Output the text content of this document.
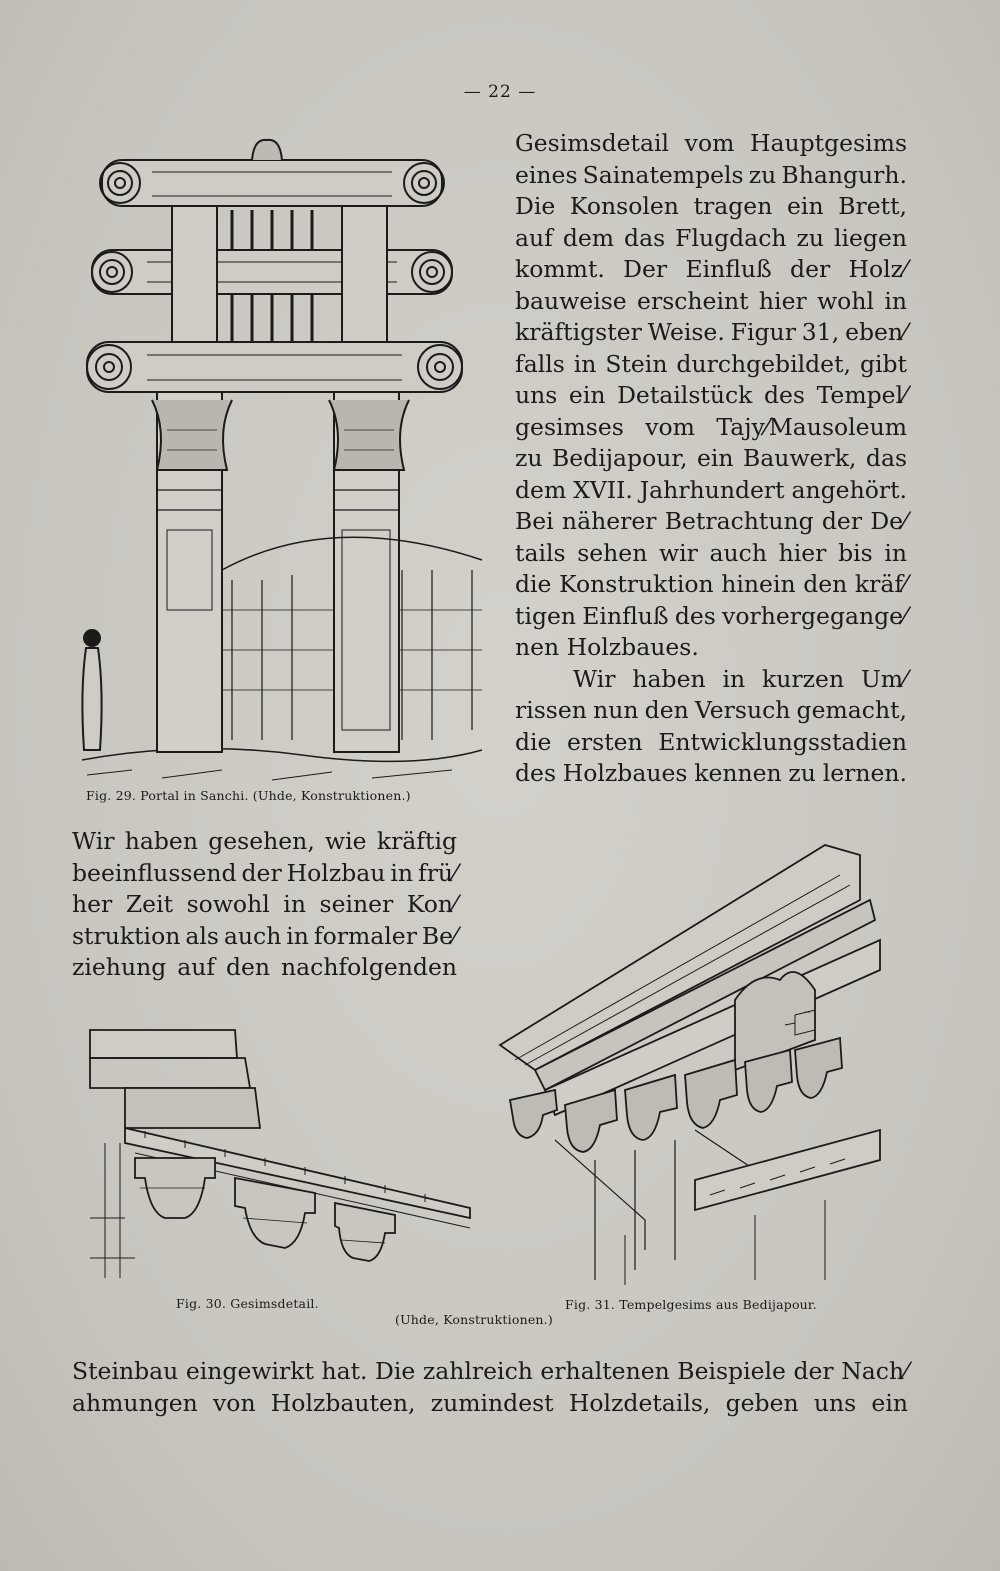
— 22 —
Fig. 29. Portal in Sanchi. (Uhde, Konstruktionen.)
Gesimsdetail vom Hauptgesims
eines Sainatempels zu Bhangurh.
Die Konsolen tragen ein Brett,
auf dem das Flugdach zu liegen
kommt. Der Einfluß der Holz⁄
bauweise erscheint hier wohl in
kräftigster Weise. Figur 31, eben⁄
falls in Stein durchgebildet, gibt
uns ein Detailstück des Tempel⁄
gesimses vom Tajy⁄Mausoleum
zu Bedijapour, ein Bauwerk, das
dem XVII. Jahrhundert angehört.
Bei näherer Betrachtung der De⁄
tails sehen wir auch hier bis in
die Konstruktion hinein den kräf⁄
tigen Einfluß des vorhergegange⁄
nen Holzbaues.
Wir haben in kurzen Um⁄
rissen nun den Versuch gemacht,
die ersten Entwicklungsstadien
des Holzbaues kennen zu lernen.
Wir haben gesehen, wie kräftig
beeinflussend der Holzbau in frü⁄
her Zeit sowohl in seiner Kon⁄
struktion als auch in formaler Be⁄
ziehung auf den nachfolgenden
Fig. 30. Gesimsdetail.	Fig. 31. Tempelgesims aus Bedijapour.
(Uhde, Konstruktionen.)
Steinbau eingewirkt hat. Die zahlreich erhaltenen Beispiele der Nach⁄
ahmungen von Holzbauten, zumindest Holzdetails, geben uns ein
